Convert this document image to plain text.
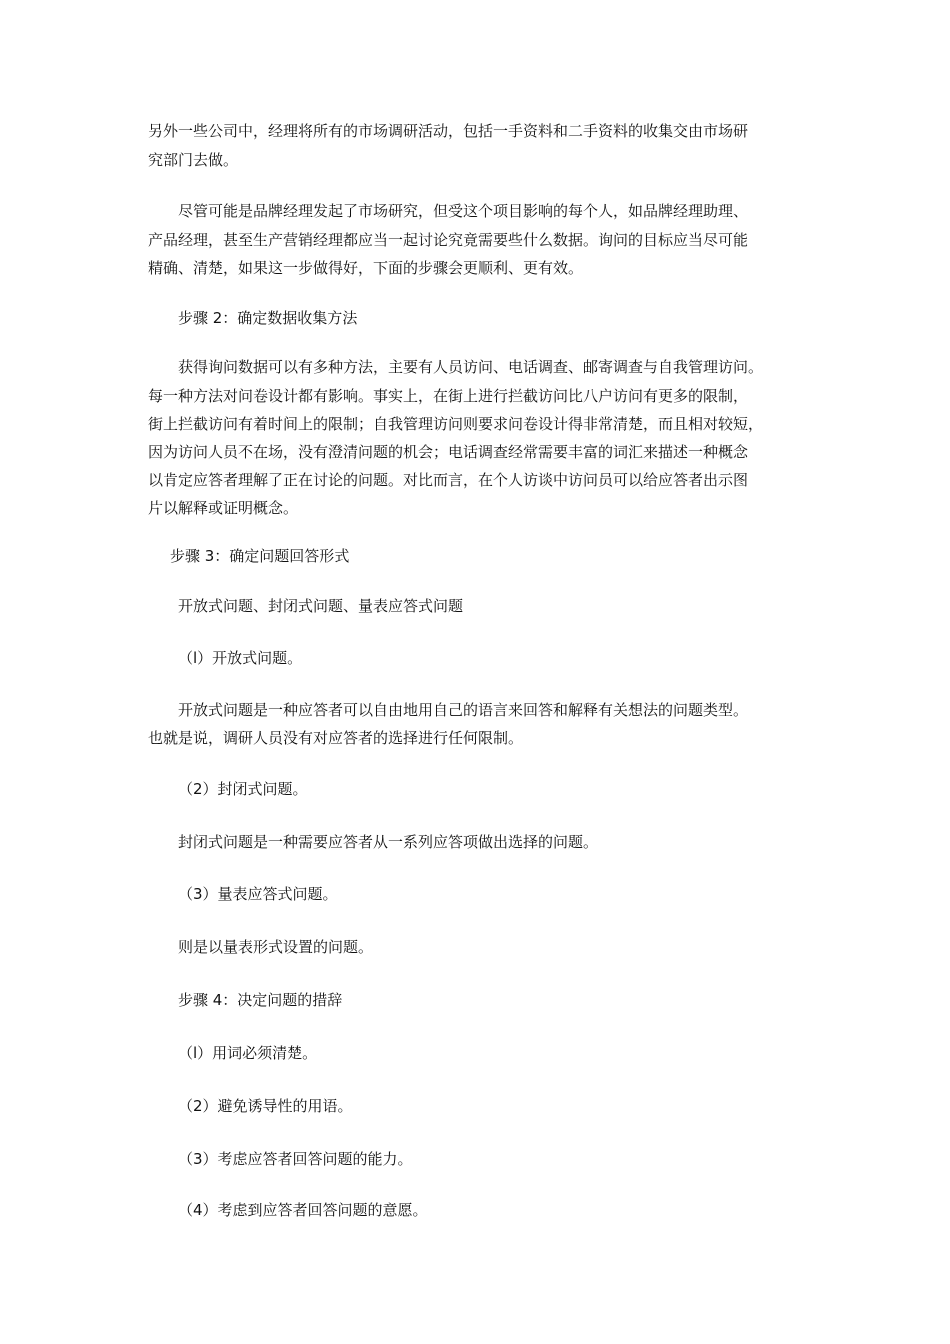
另外一些公司中，经理将所有的市场调研活动，包括一手资料和二手资料的收集交由市场研
究部门去做。
尽管可能是品牌经理发起了市场研究，但受这个项目影响的每个人，如品牌经理助理、
产品经理，甚至生产营销经理都应当一起讨论究竟需要些什么数据。询问的目标应当尽可能
精确、清楚，如果这一步做得好，下面的步骤会更顺利、更有效。
步骤 2：确定数据收集方法
获得询问数据可以有多种方法，主要有人员访问、电话调查、邮寄调查与自我管理访问。
每一种方法对问卷设计都有影响。事实上，在街上进行拦截访问比八户访问有更多的限制，
街上拦截访问有着时间上的限制；自我管理访问则要求问卷设计得非常清楚，而且相对较短，
因为访问人员不在场，没有澄清问题的机会；电话调查经常需要丰富的词汇来描述一种概念
以肯定应答者理解了正在讨论的问题。对比而言，在个人访谈中访问员可以给应答者出示图
片以解释或证明概念。
步骤 3：确定问题回答形式
开放式问题、封闭式问题、量表应答式问题
（l）开放式问题。
开放式问题是一种应答者可以自由地用自己的语言来回答和解释有关想法的问题类型。
也就是说，调研人员没有对应答者的选择进行任何限制。
（2）封闭式问题。
封闭式问题是一种需要应答者从一系列应答项做出选择的问题。
（3）量表应答式问题。
则是以量表形式设置的问题。
步骤 4：决定问题的措辞
（l）用词必须清楚。
（2）避免诱导性的用语。
（3）考虑应答者回答问题的能力。
（4）考虑到应答者回答问题的意愿。
